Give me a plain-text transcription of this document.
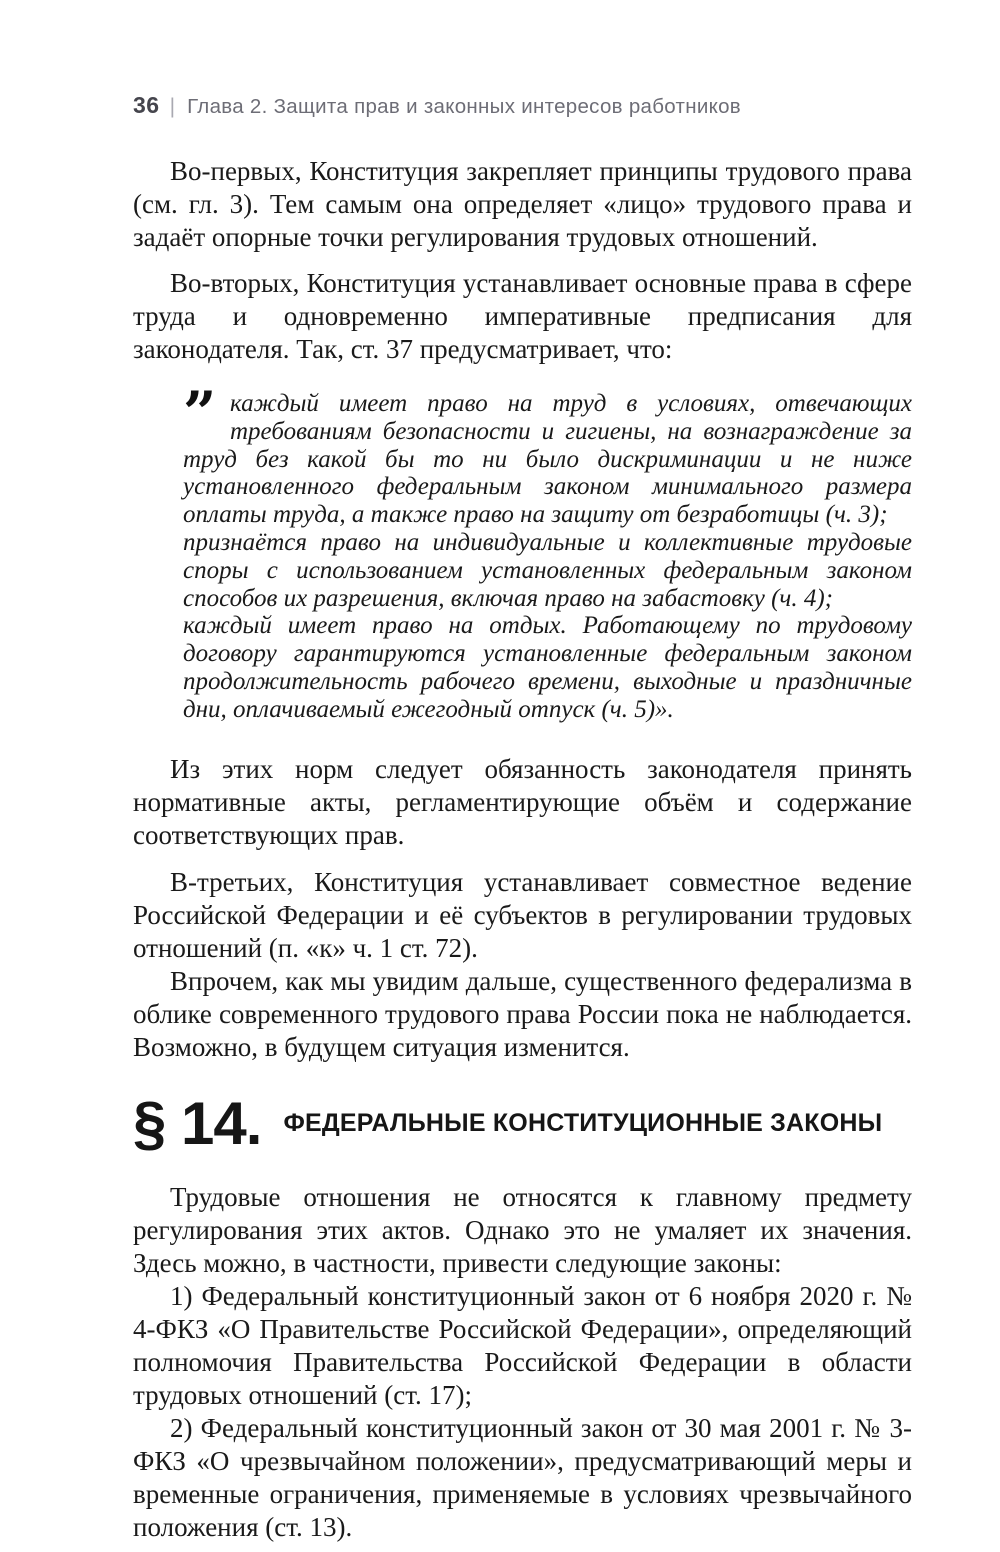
36 | Глава 2. Защита прав и законных интересов работников

Во-первых, Конституция закрепляет принципы трудового права (см. гл. 3). Тем самым она определяет «лицо» трудового права и задаёт опорные точки регулирования трудовых отношений.

Во-вторых, Конституция устанавливает основные права в сфере труда и одновременно императивные предписания для законодателя. Так, ст. 37 предусматривает, что:

” каждый имеет право на труд в условиях, отвечающих требованиям безопасности и гигиены, на вознаграждение за труд без какой бы то ни было дискриминации и не ниже установленного федеральным законом минимального размера оплаты труда, а также право на защиту от безработицы (ч. 3);

признаётся право на индивидуальные и коллективные трудовые споры с использованием установленных федеральным законом способов их разрешения, включая право на забастовку (ч. 4);

каждый имеет право на отдых. Работающему по трудовому договору гарантируются установленные федеральным законом продолжительность рабочего времени, выходные и праздничные дни, оплачиваемый ежегодный отпуск (ч. 5)».

Из этих норм следует обязанность законодателя принять нормативные акты, регламентирующие объём и содержание соответствующих прав.

В-третьих, Конституция устанавливает совместное ведение Российской Федерации и её субъектов в регулировании трудовых отношений (п. «к» ч. 1 ст. 72).

Впрочем, как мы увидим дальше, существенного федерализма в облике современного трудового права России пока не наблюдается. Возможно, в будущем ситуация изменится.

§ 14. ФЕДЕРАЛЬНЫЕ КОНСТИТУЦИОННЫЕ ЗАКОНЫ

Трудовые отношения не относятся к главному предмету регулирования этих актов. Однако это не умаляет их значения. Здесь можно, в частности, привести следующие законы:

1) Федеральный конституционный закон от 6 ноября 2020 г. № 4-ФКЗ «О Правительстве Российской Федерации», определяющий полномочия Правительства Российской Федерации в области трудовых отношений (ст. 17);

2) Федеральный конституционный закон от 30 мая 2001 г. № 3-ФКЗ «О чрезвычайном положении», предусматривающий меры и временные ограничения, применяемые в условиях чрезвычайного положения (ст. 13).
